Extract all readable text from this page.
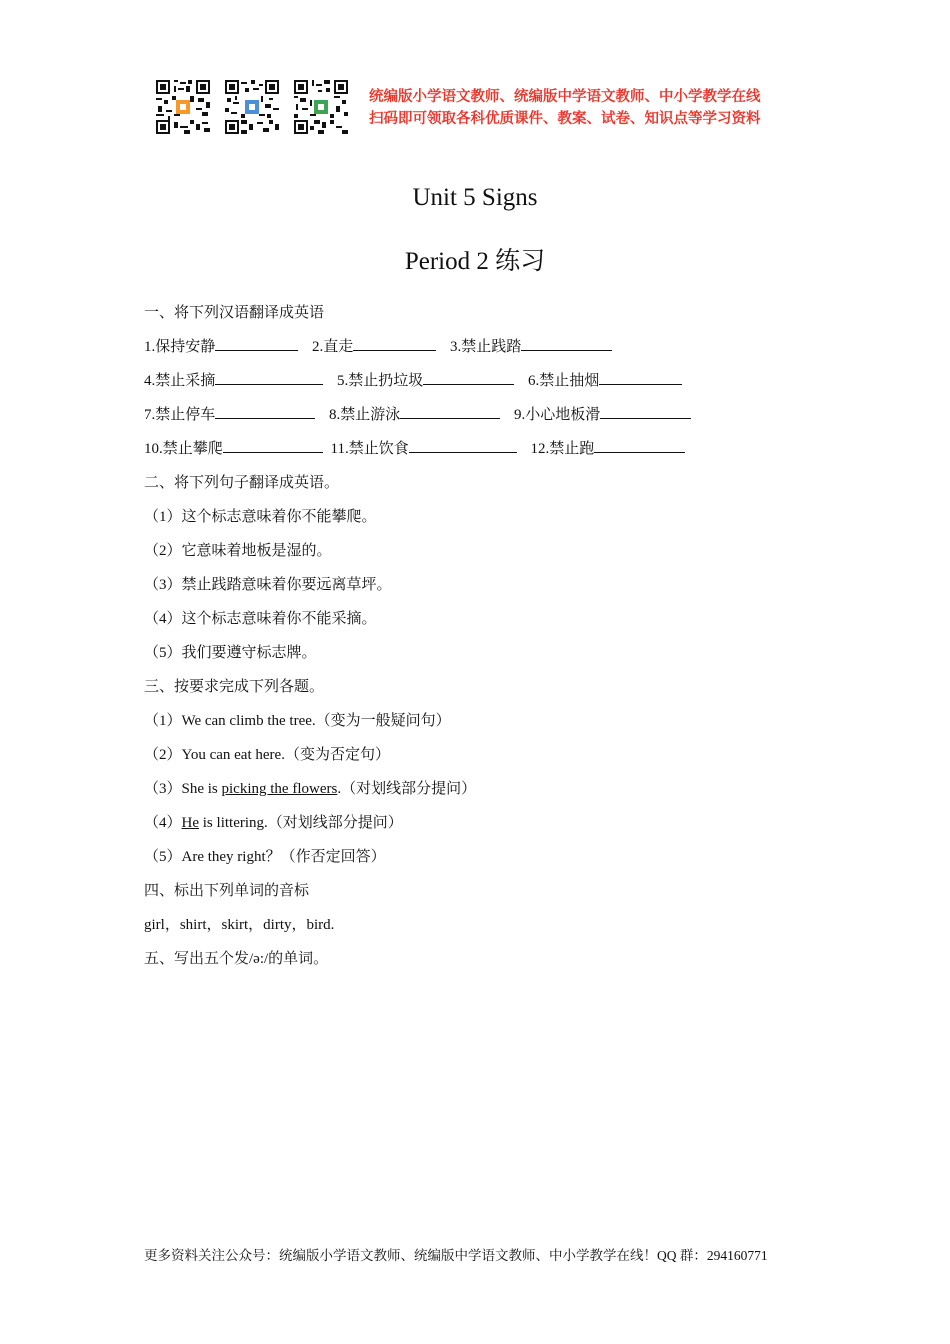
统编版小学语文教师、统编版中学语文教师、中小学教学在线
扫码即可领取各科优质课件、教案、试卷、知识点等学习资料
Unit 5 Signs
Period 2 练习
一、将下列汉语翻译成英语
1.保持安静	2.直走	3.禁止践踏
4.禁止采摘	5.禁止扔垃圾	6.禁止抽烟
7.禁止停车	8.禁止游泳	9.小心地板滑
10.禁止攀爬	11.禁止饮食	12.禁止跑
二、将下列句子翻译成英语。
（1）这个标志意味着你不能攀爬。
（2）它意味着地板是湿的。
（3）禁止践踏意味着你要远离草坪。
（4）这个标志意味着你不能采摘。
（5）我们要遵守标志牌。
三、按要求完成下列各题。
（1）We can climb the tree.（变为一般疑问句）
（2）You can eat here.（变为否定句）
（3）She is picking the flowers.（对划线部分提问）
（4）He is littering.（对划线部分提问）
（5）Are they right？（作否定回答）
四、标出下列单词的音标
girl，shirt，skirt，dirty，bird.
五、写出五个发/ə:/的单词。
更多资料关注公众号：统编版小学语文教师、统编版中学语文教师、中小学教学在线！QQ 群：294160771
